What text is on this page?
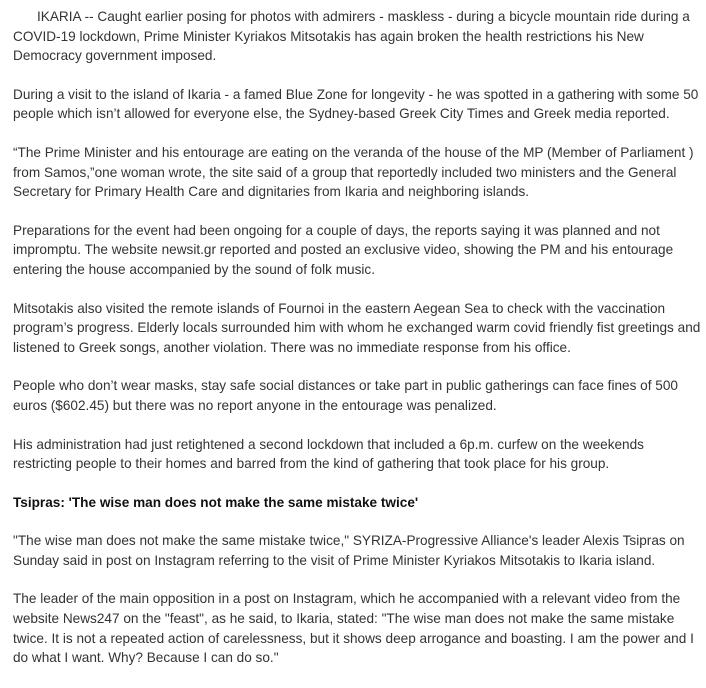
IKARIA -- Caught earlier posing for photos with admirers - maskless - during a bicycle mountain ride during a COVID-19 lockdown, Prime Minister Kyriakos Mitsotakis has again broken the health restrictions his New Democracy government imposed.

During a visit to the island of Ikaria - a famed Blue Zone for longevity - he was spotted in a gathering with some 50 people which isn’t allowed for everyone else, the Sydney-based Greek City Times and Greek media reported.

“The Prime Minister and his entourage are eating on the veranda of the house of the MP (Member of Parliament ) from Samos,”one woman wrote, the site said of a group that reportedly included two ministers and the General Secretary for Primary Health Care and dignitaries from Ikaria and neighboring islands.

Preparations for the event had been ongoing for a couple of days, the reports saying it was planned and not impromptu. The website newsit.gr reported and posted an exclusive video, showing the PM and his entourage entering the house accompanied by the sound of folk music.

Mitsotakis also visited the remote islands of Fournoi in the eastern Aegean Sea to check with the vaccination program’s progress. Elderly locals surrounded him with whom he exchanged warm covid friendly fist greetings and listened to Greek songs, another violation. There was no immediate response from his office.

People who don’t wear masks, stay safe social distances or take part in public gatherings can face fines of 500 euros ($602.45) but there was no report anyone in the entourage was penalized.

His administration had just retightened a second lockdown that included a 6p.m. curfew on the weekends restricting people to their homes and barred from the kind of gathering that took place for his group.

Tsipras: 'The wise man does not make the same mistake twice'

"The wise man does not make the same mistake twice," SYRIZA-Progressive Alliance's leader Alexis Tsipras on Sunday said in post on Instagram referring to the visit of Prime Minister Kyriakos Mitsotakis to Ikaria island.

The leader of the main opposition in a post on Instagram, which he accompanied with a relevant video from the website News247 on the "feast", as he said, to Ikaria, stated: "The wise man does not make the same mistake twice. It is not a repeated action of carelessness, but it shows deep arrogance and boasting. I am the power and I do what I want. Why? Because I can do so."
